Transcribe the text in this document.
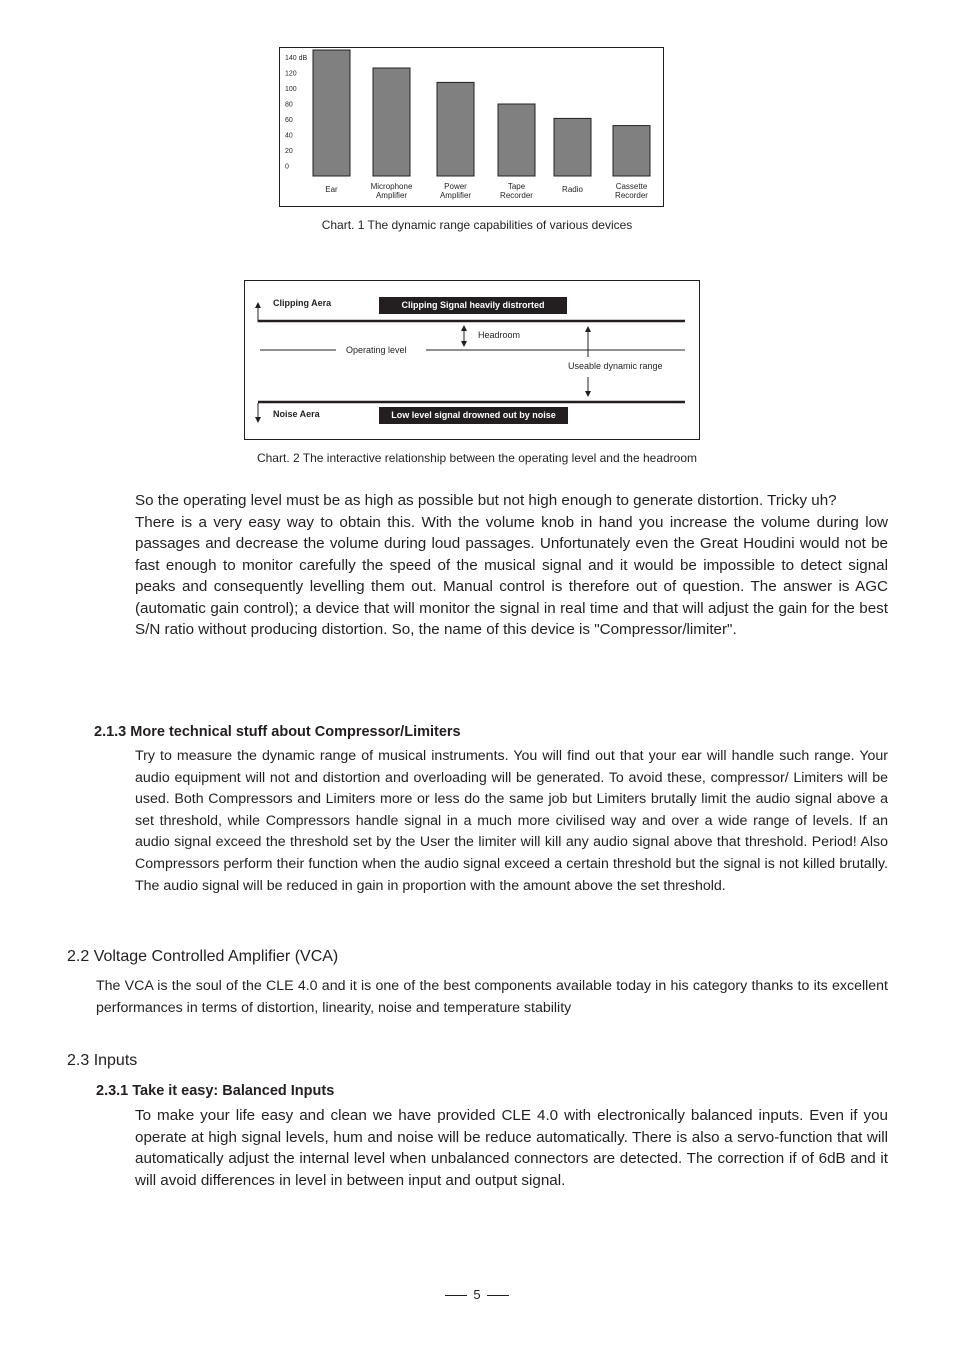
140 dB
120
100
80
60
40
20
0
Ear	Microphone
Amplifier
Power
Amplifier
Tape
Recorder
Radio	Cassette
Recorder
Chart. 1 The dynamic range capabilities of various devices
Clipping Aera	Clipping Signal heavily distrorted
Headroom
Operating level
Useable dynamic range
Noise Aera	Low level signal drowned out by noise
Chart. 2 The interactive relationship between the operating level and the headroom

So the operating level must be as high as possible but not high enough to generate distortion. Tricky uh?

There is a very easy way to obtain this. With the volume knob in hand you increase the volume during low passages and decrease the volume during loud passages. Unfortunately even the Great Houdini would not be fast enough to monitor carefully the speed of the musical signal and it would be impossible to detect signal peaks and consequently levelling them out. Manual control is therefore out of question. The answer is AGC (automatic gain control); a device that will monitor the signal in real time and that will adjust the gain for the best S/N ratio without producing distortion. So, the name of this device is "Compressor/limiter".

2.1.3 More technical stuff about Compressor/Limiters

Try to measure the dynamic range of musical instruments. You will find out that your ear will handle such range. Your audio equipment will not and distortion and overloading will be generated. To avoid these, compressor/ Limiters will be used. Both Compressors and Limiters more or less do the same job but Limiters brutally limit the audio signal above a set threshold, while Compressors handle signal in a much more civilised way and over a wide range of levels. If an audio signal exceed the threshold set by the User the limiter will kill any audio signal above that threshold. Period! Also Compressors perform their function when the audio signal exceed a certain threshold but the signal is not killed brutally. The audio signal will be reduced in gain in proportion with the amount above the set threshold.

2.2 Voltage Controlled Amplifier (VCA)

The VCA is the soul of the CLE 4.0 and it is one of the best components available today in his category thanks to its excellent performances in terms of distortion, linearity, noise and temperature stability

2.3 Inputs
2.3.1 Take it easy: Balanced Inputs

To make your life easy and clean we have provided CLE 4.0 with electronically balanced inputs. Even if you operate at high signal levels, hum and noise will be reduce automatically. There is also a servo-function that will automatically adjust the internal level when unbalanced connectors are detected. The correction if of 6dB and it will avoid differences in level in between input and output signal.

5
